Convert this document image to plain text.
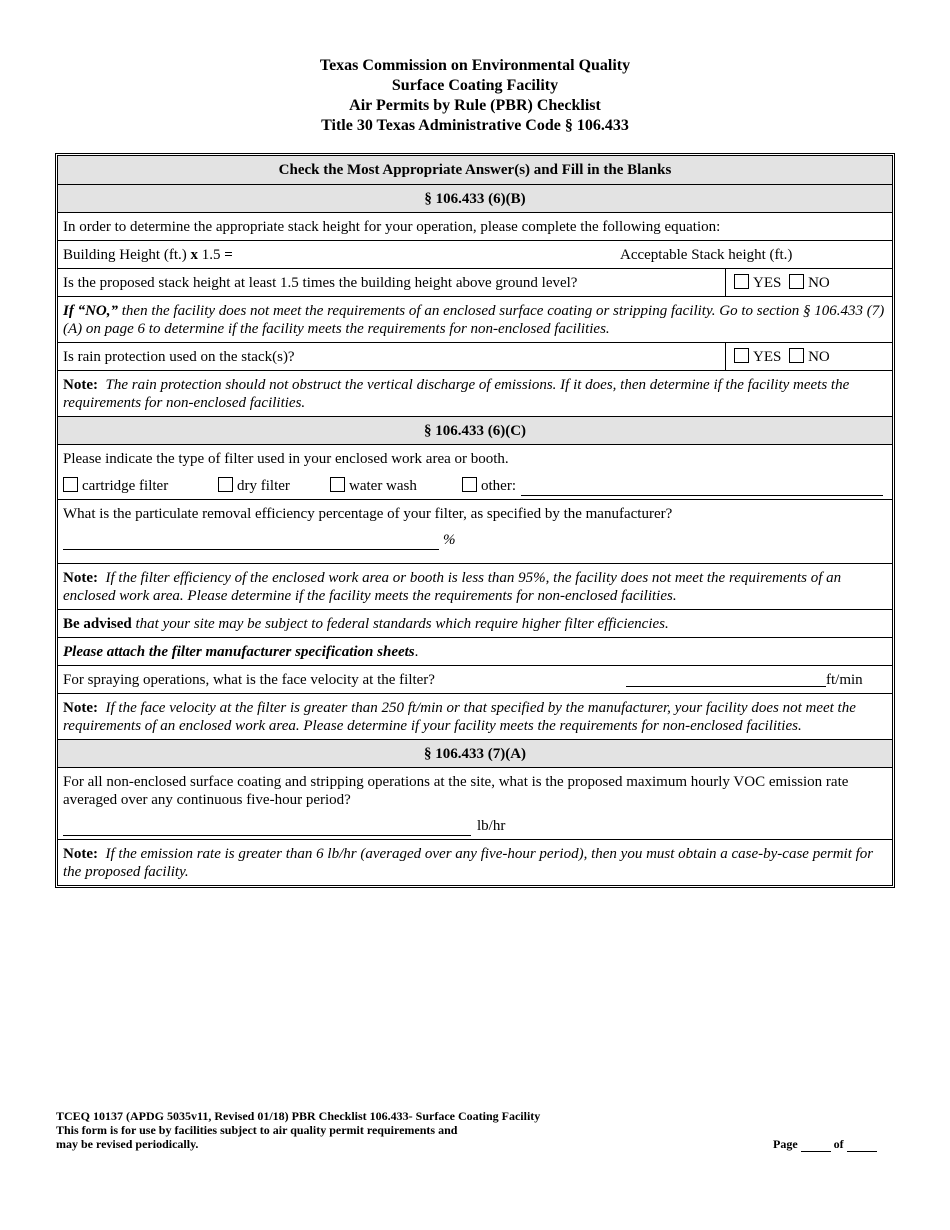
Texas Commission on Environmental Quality
Surface Coating Facility
Air Permits by Rule (PBR) Checklist
Title 30 Texas Administrative Code § 106.433
Check the Most Appropriate Answer(s) and Fill in the Blanks
§ 106.433 (6)(B)
In order to determine the appropriate stack height for your operation, please complete the following equation:
Building Height (ft.) x 1.5 =	Acceptable Stack height (ft.)
Is the proposed stack height at least 1.5 times the building height above ground level?	YES NO
If “NO,” then the facility does not meet the requirements of an enclosed surface coating or stripping facility. Go to section § 106.433 (7)(A) on page 6 to determine if the facility meets the requirements for non-enclosed facilities.
Is rain protection used on the stack(s)?	YES NO
Note: The rain protection should not obstruct the vertical discharge of emissions. If it does, then determine if the facility meets the requirements for non-enclosed facilities.
§ 106.433 (6)(C)
Please indicate the type of filter used in your enclosed work area or booth.
cartridge filter	dry filter	water wash	other:
What is the particulate removal efficiency percentage of your filter, as specified by the manufacturer?
%
Note: If the filter efficiency of the enclosed work area or booth is less than 95%, the facility does not meet the requirements of an enclosed work area. Please determine if the facility meets the requirements for non-enclosed facilities.
Be advised that your site may be subject to federal standards which require higher filter efficiencies.
Please attach the filter manufacturer specification sheets.
For spraying operations, what is the face velocity at the filter?	ft/min
Note: If the face velocity at the filter is greater than 250 ft/min or that specified by the manufacturer, your facility does not meet the requirements of an enclosed work area. Please determine if your facility meets the requirements for non-enclosed facilities.
§ 106.433 (7)(A)
For all non-enclosed surface coating and stripping operations at the site, what is the proposed maximum hourly VOC emission rate averaged over any continuous five-hour period?
lb/hr
Note: If the emission rate is greater than 6 lb/hr (averaged over any five-hour period), then you must obtain a case-by-case permit for the proposed facility.
TCEQ 10137 (APDG 5035v11, Revised 01/18) PBR Checklist 106.433- Surface Coating Facility
This form is for use by facilities subject to air quality permit requirements and
may be revised periodically.	Page	of
